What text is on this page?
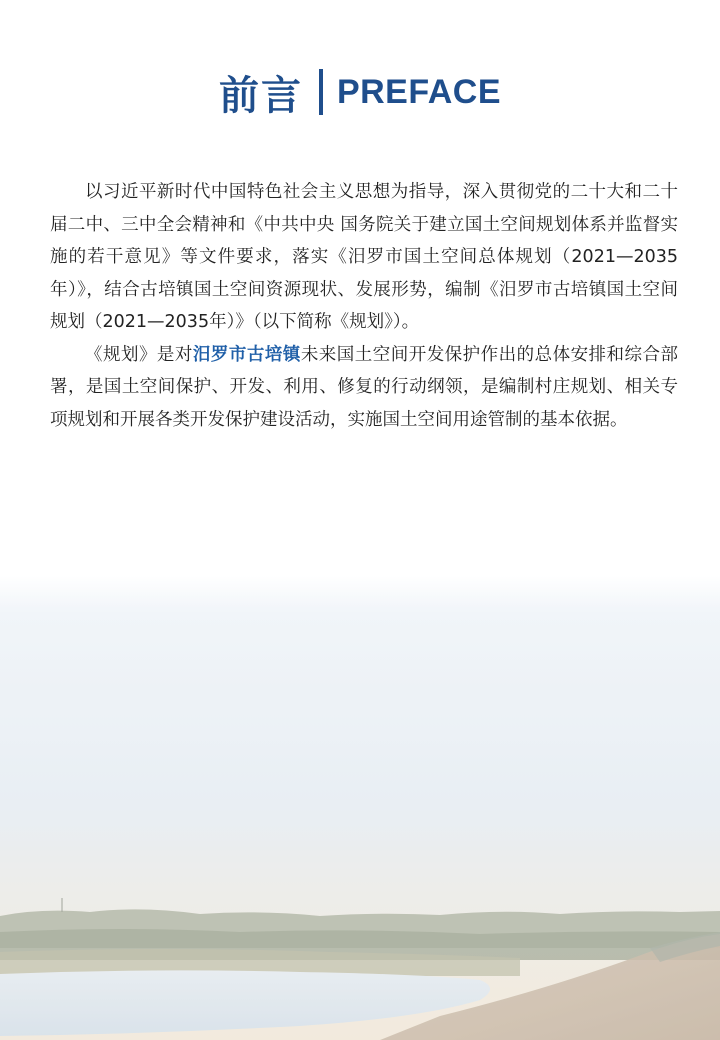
前言 PREFACE

以习近平新时代中国特色社会主义思想为指导，深入贯彻党的二十大和二十届二中、三中全会精神和《中共中央 国务院关于建立国土空间规划体系并监督实施的若干意见》等文件要求，落实《汨罗市国土空间总体规划（2021—2035年）》，结合古培镇国土空间资源现状、发展形势，编制《汨罗市古培镇国土空间规划（2021—2035年）》（以下简称《规划》）。

《规划》是对汨罗市古培镇未来国土空间开发保护作出的总体安排和综合部署，是国土空间保护、开发、利用、修复的行动纲领，是编制村庄规划、相关专项规划和开展各类开发保护建设活动，实施国土空间用途管制的基本依据。
